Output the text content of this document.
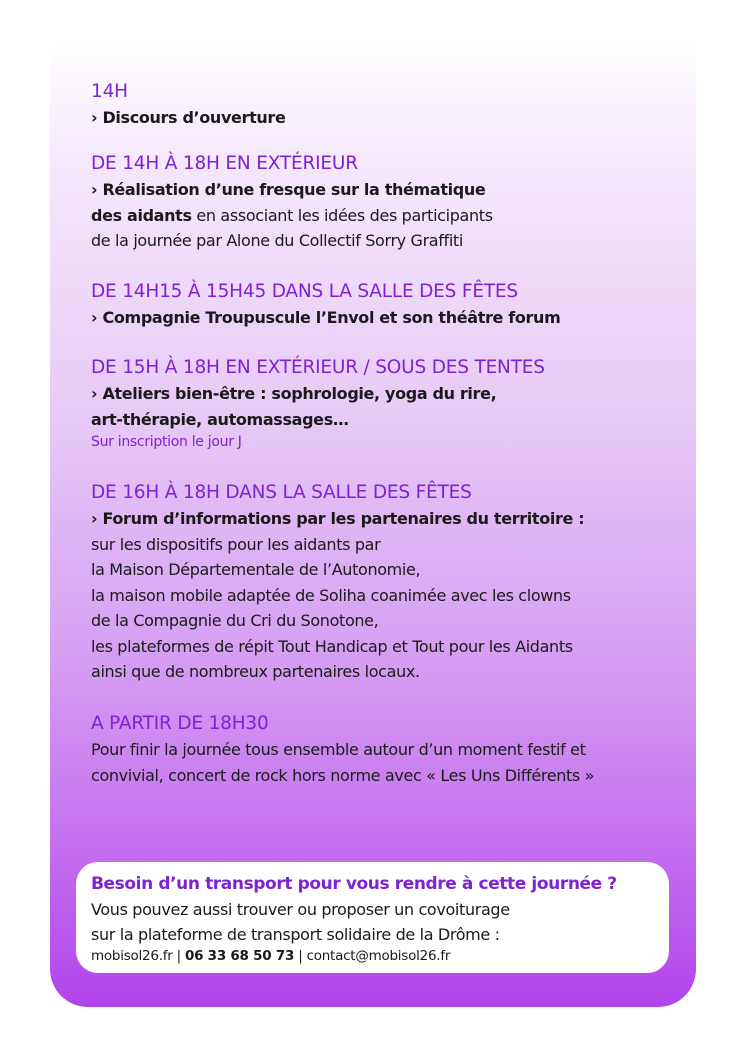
14H
› Discours d’ouverture
DE 14H À 18H EN EXTÉRIEUR
› Réalisation d’une fresque sur la thématique
des aidants en associant les idées des participants
de la journée par Alone du Collectif Sorry Graffiti
DE 14H15 À 15H45 DANS LA SALLE DES FÊTES
› Compagnie Troupuscule l’Envol et son théâtre forum
DE 15H À 18H EN EXTÉRIEUR / SOUS DES TENTES
› Ateliers bien-être : sophrologie, yoga du rire,
art-thérapie, automassages…
Sur inscription le jour J
DE 16H À 18H DANS LA SALLE DES FÊTES
› Forum d’informations par les partenaires du territoire :
sur les dispositifs pour les aidants par
la Maison Départementale de l’Autonomie,
la maison mobile adaptée de Soliha coanimée avec les clowns
de la Compagnie du Cri du Sonotone,
les plateformes de répit Tout Handicap et Tout pour les Aidants
ainsi que de nombreux partenaires locaux.
A PARTIR DE 18H30
Pour finir la journée tous ensemble autour d’un moment festif et
convivial, concert de rock hors norme avec « Les Uns Différents »
Besoin d’un transport pour vous rendre à cette journée ?
Vous pouvez aussi trouver ou proposer un covoiturage
sur la plateforme de transport solidaire de la Drôme :
mobisol26.fr | 06 33 68 50 73 | contact@mobisol26.fr
